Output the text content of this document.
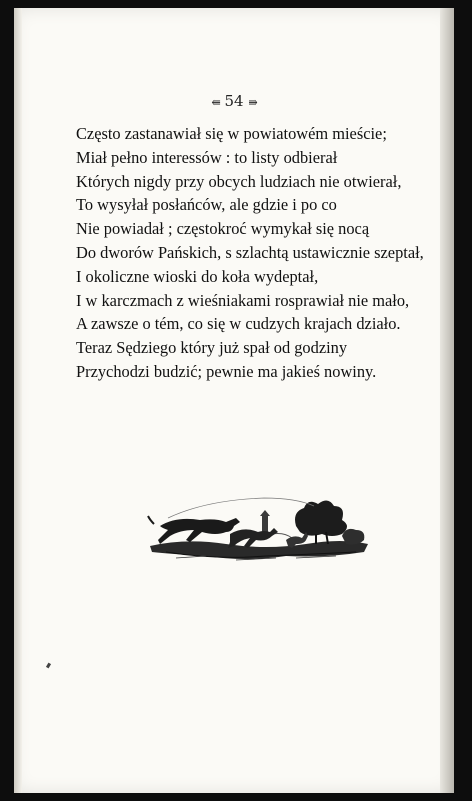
⇚ 54 ⇛
Często zastanawiał się w powiatowém mieście;
Miał pełno interessów : to listy odbierał
Których nigdy przy obcych ludziach nie otwierał,
To wysyłał posłańców, ale gdzie i po co
Nie powiadał ; częstokroć wymykał się nocą
Do dworów Pańskich, s szlachtą ustawicznie szeptał,
I okoliczne wioski do koła wydeptał,
I w karczmach z wieśniakami rosprawiał nie mało,
A zawsze o tém, co się w cudzych krajach działo.
Teraz Sędziego który już spał od godziny
Przychodzi budzić; pewnie ma jakieś nowiny.
